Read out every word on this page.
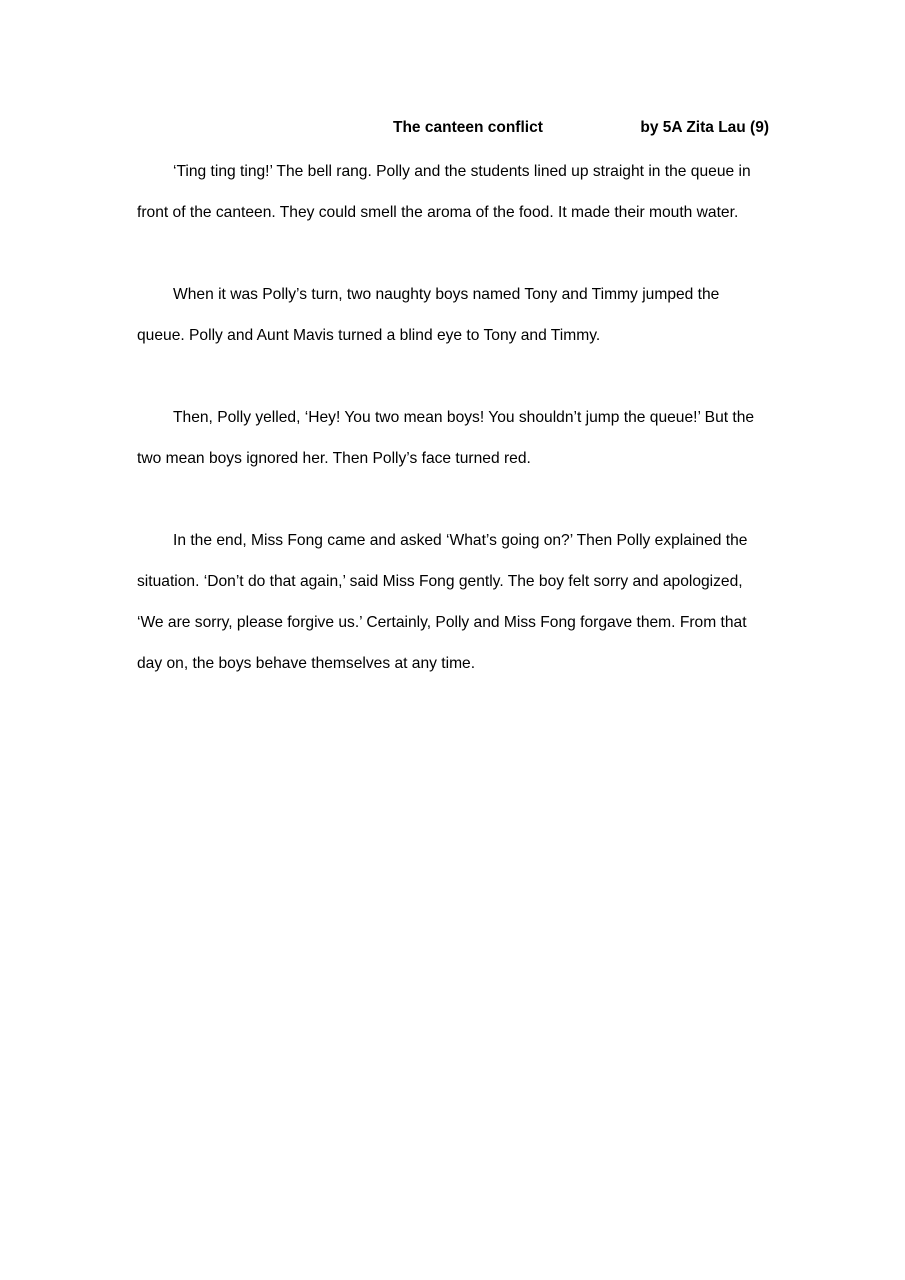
The canteen conflict	by 5A Zita Lau (9)

‘Ting ting ting!’ The bell rang. Polly and the students lined up straight in the queue in front of the canteen. They could smell the aroma of the food. It made their mouth water.

When it was Polly’s turn, two naughty boys named Tony and Timmy jumped the queue. Polly and Aunt Mavis turned a blind eye to Tony and Timmy.

Then, Polly yelled, ‘Hey! You two mean boys! You shouldn’t jump the queue!’ But the two mean boys ignored her. Then Polly’s face turned red.

In the end, Miss Fong came and asked ‘What’s going on?’ Then Polly explained the situation. ‘Don’t do that again,’ said Miss Fong gently. The boy felt sorry and apologized, ‘We are sorry, please forgive us.’ Certainly, Polly and Miss Fong forgave them. From that day on, the boys behave themselves at any time.
